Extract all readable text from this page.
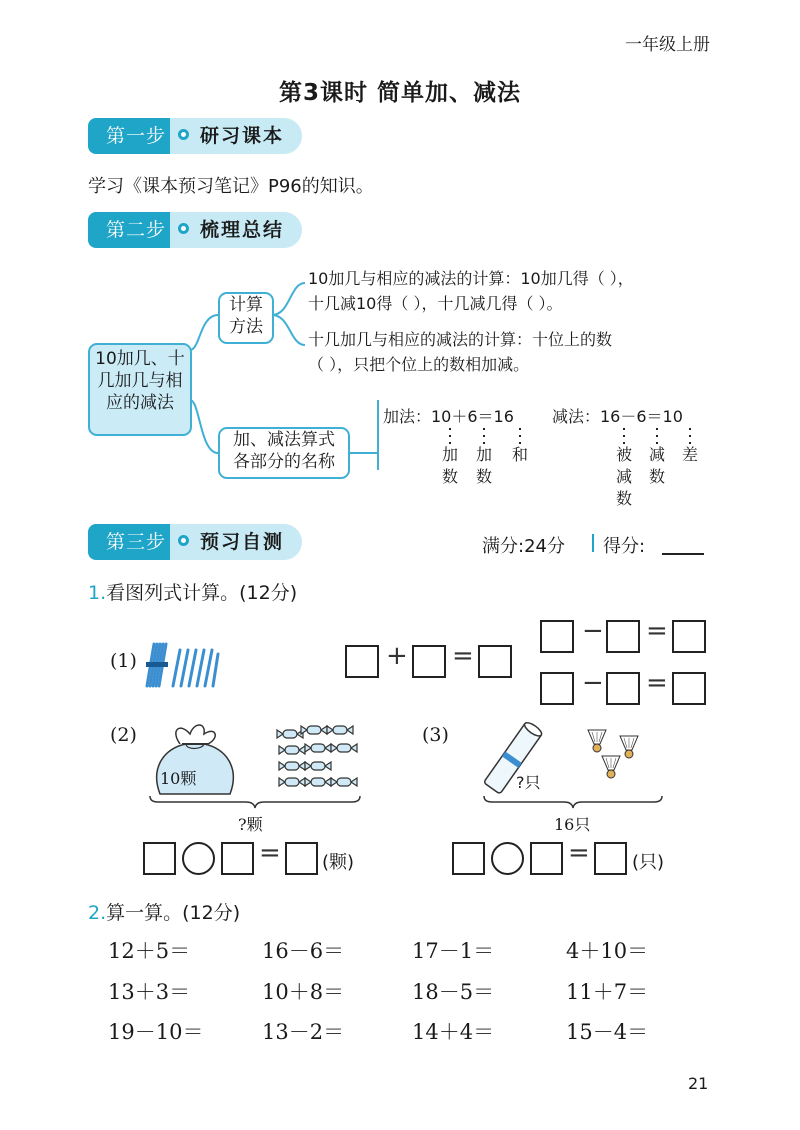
一年级上册
第3课时 简单加、减法
第一步	研习课本
学习《课本预习笔记》P96的知识。
第二步	梳理总结
10加几、十
几加几与相
应的减法
计算
方法
加、减法算式
各部分的名称
10加几与相应的减法的计算：10加几得（ ），
十几减10得（ ），十几减几得（ ）。
十几加几与相应的减法的计算：十位上的数
（ ），只把个位上的数相加减。
加法：10＋6＝16 减法：16－6＝10
加
数
加
数
和	被
减
数
减
数
差
第三步	预习自测	满分:24分 得分:
1.看图列式计算。(12分)
(1)	+ =
− =
− =
(2)
10颗
?颗
= (颗)
(3)
?只
16只
= (只)
2.算一算。(12分)
12＋5＝	16－6＝	17－1＝	4＋10＝
13＋3＝	10＋8＝	18－5＝	11＋7＝
19－10＝	13－2＝	14＋4＝	15－4＝
21
